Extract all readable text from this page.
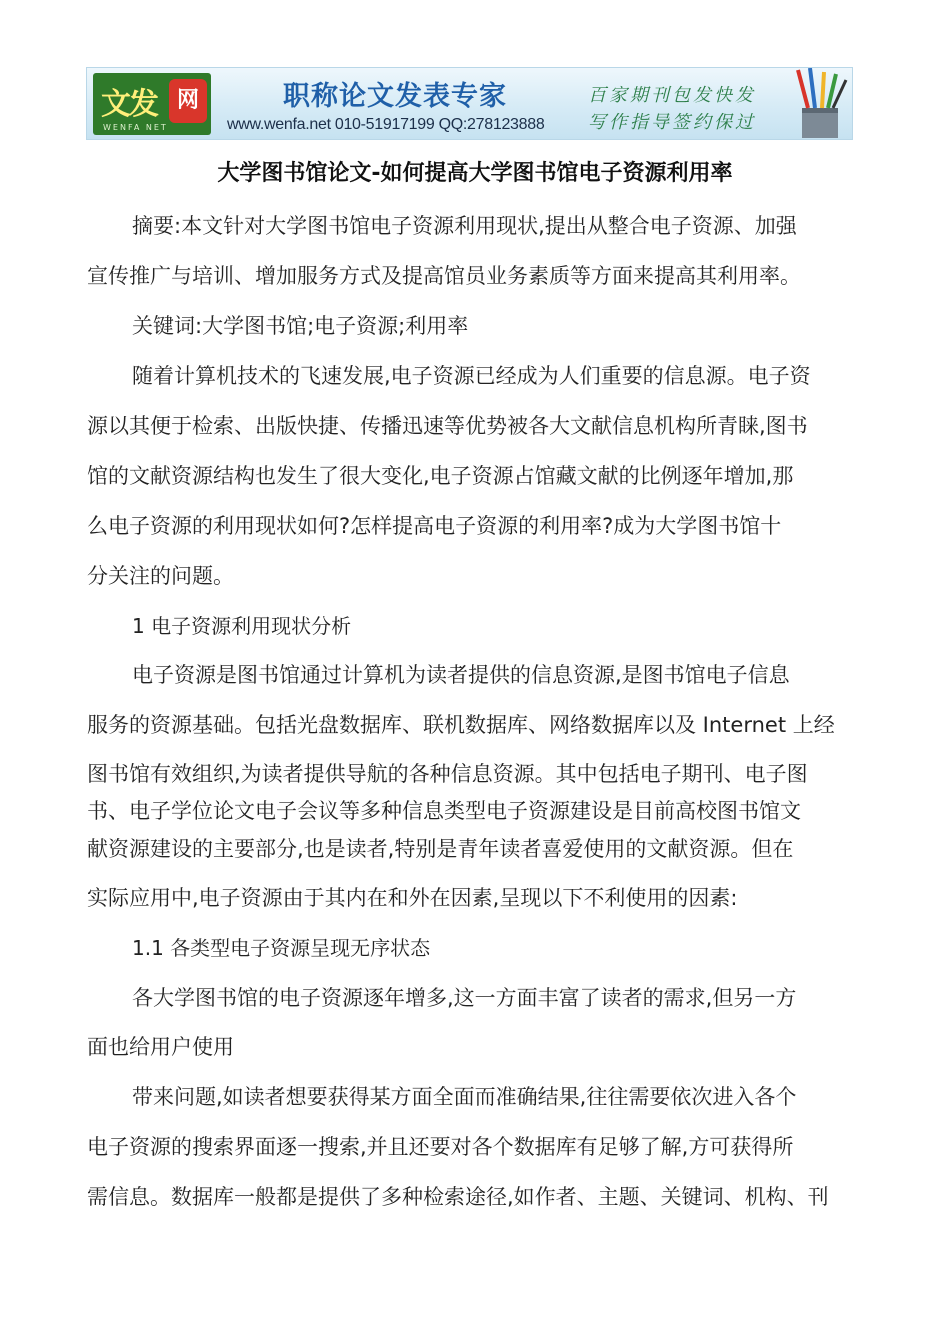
文发 网
WENFA NET
职称论文发表专家
www.wenfa.net 010-51917199 QQ:278123888
百家期刊包发快发
写作指导签约保过
大学图书馆论文-如何提高大学图书馆电子资源利用率
摘要:本文针对大学图书馆电子资源利用现状,提出从整合电子资源、加强
宣传推广与培训、增加服务方式及提高馆员业务素质等方面来提高其利用率。
关键词:大学图书馆;电子资源;利用率
随着计算机技术的飞速发展,电子资源已经成为人们重要的信息源。电子资
源以其便于检索、出版快捷、传播迅速等优势被各大文献信息机构所青睐,图书
馆的文献资源结构也发生了很大变化,电子资源占馆藏文献的比例逐年增加,那
么电子资源的利用现状如何?怎样提高电子资源的利用率?成为大学图书馆十
分关注的问题。
1 电子资源利用现状分析
电子资源是图书馆通过计算机为读者提供的信息资源,是图书馆电子信息
服务的资源基础。包括光盘数据库、联机数据库、网络数据库以及 Internet 上经
图书馆有效组织,为读者提供导航的各种信息资源。其中包括电子期刊、电子图
书、电子学位论文电子会议等多种信息类型电子资源建设是目前高校图书馆文
献资源建设的主要部分,也是读者,特别是青年读者喜爱使用的文献资源。但在
实际应用中,电子资源由于其内在和外在因素,呈现以下不利使用的因素:
1.1 各类型电子资源呈现无序状态
各大学图书馆的电子资源逐年增多,这一方面丰富了读者的需求,但另一方
面也给用户使用
带来问题,如读者想要获得某方面全面而准确结果,往往需要依次进入各个
电子资源的搜索界面逐一搜索,并且还要对各个数据库有足够了解,方可获得所
需信息。数据库一般都是提供了多种检索途径,如作者、主题、关键词、机构、刊
